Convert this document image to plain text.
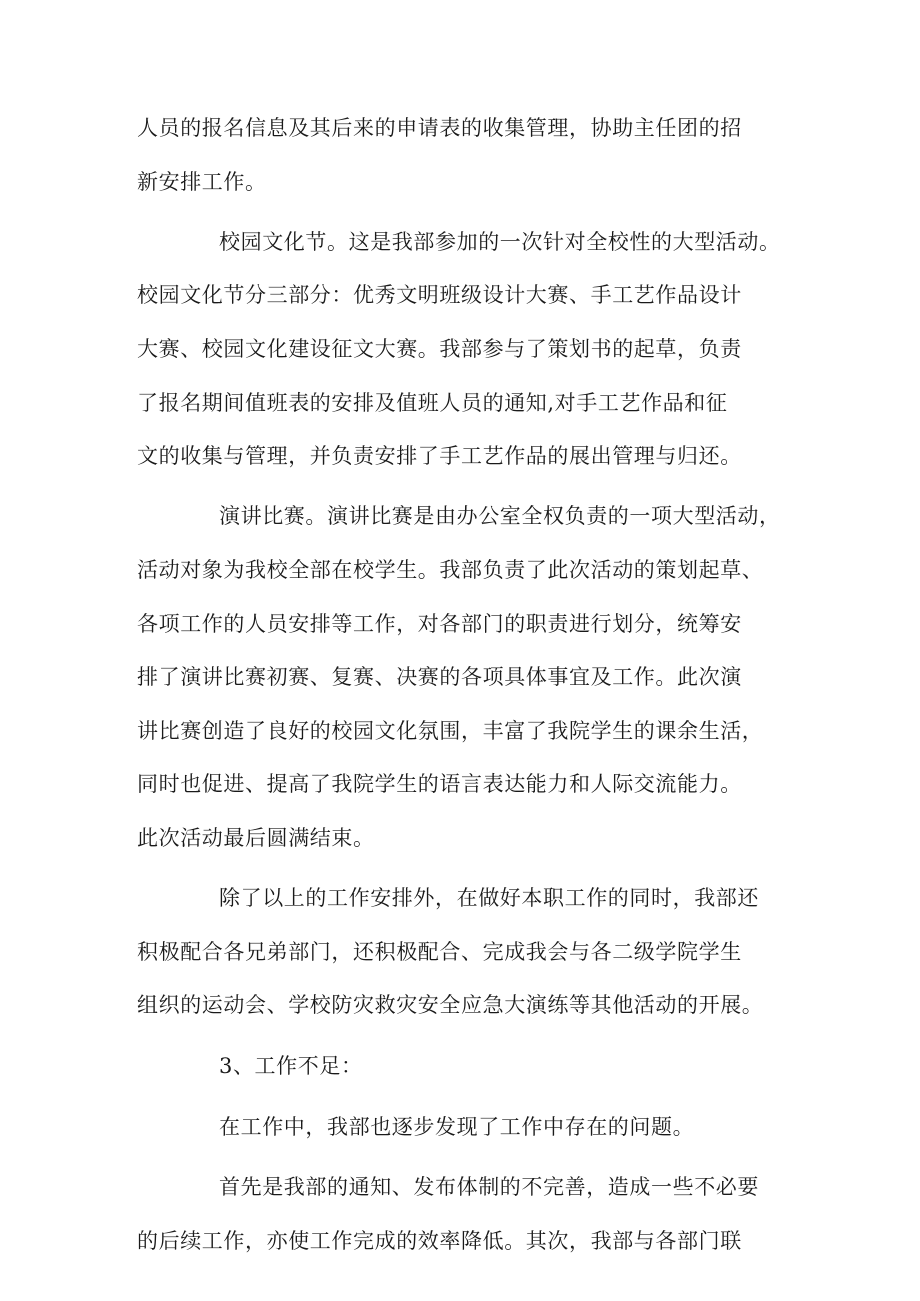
人员的报名信息及其后来的申请表的收集管理，协助主任团的招
新安排工作。
校园文化节。这是我部参加的一次针对全校性的大型活动。
校园文化节分三部分：优秀文明班级设计大赛、手工艺作品设计
大赛、校园文化建设征文大赛。我部参与了策划书的起草，负责
了报名期间值班表的安排及值班人员的通知,对手工艺作品和征
文的收集与管理，并负责安排了手工艺作品的展出管理与归还。
演讲比赛。演讲比赛是由办公室全权负责的一项大型活动，
活动对象为我校全部在校学生。我部负责了此次活动的策划起草、
各项工作的人员安排等工作，对各部门的职责进行划分，统筹安
排了演讲比赛初赛、复赛、决赛的各项具体事宜及工作。此次演
讲比赛创造了良好的校园文化氛围，丰富了我院学生的课余生活，
同时也促进、提高了我院学生的语言表达能力和人际交流能力。
此次活动最后圆满结束。
除了以上的工作安排外，在做好本职工作的同时，我部还
积极配合各兄弟部门，还积极配合、完成我会与各二级学院学生
组织的运动会、学校防灾救灾安全应急大演练等其他活动的开展。
3、工作不足：
在工作中，我部也逐步发现了工作中存在的问题。
首先是我部的通知、发布体制的不完善，造成一些不必要
的后续工作，亦使工作完成的效率降低。其次，我部与各部门联
